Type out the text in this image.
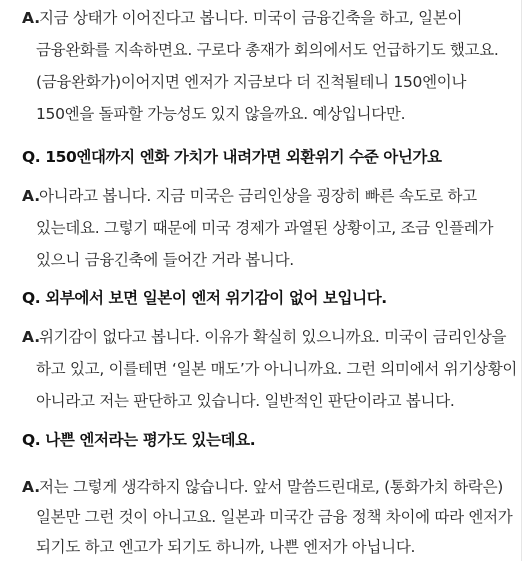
A.
지금 상태가 이어진다고 봅니다. 미국이 금융긴축을 하고, 일본이
금융완화를 지속하면요. 구로다 총재가 회의에서도 언급하기도 했고요.
(금융완화가)이어지면 엔저가 지금보다 더 진척될테니 150엔이나
150엔을 돌파할 가능성도 있지 않을까요. 예상입니다만.
Q. 150엔대까지 엔화 가치가 내려가면 외환위기 수준 아닌가요
A.
아니라고 봅니다. 지금 미국은 금리인상을 굉장히 빠른 속도로 하고
있는데요. 그렇기 때문에 미국 경제가 과열된 상황이고, 조금 인플레가
있으니 금융긴축에 들어간 거라 봅니다.
Q. 외부에서 보면 일본이 엔저 위기감이 없어 보입니다.
A.
위기감이 없다고 봅니다. 이유가 확실히 있으니까요. 미국이 금리인상을
하고 있고, 이를테면 ‘일본 매도’가 아니니까요. 그런 의미에서 위기상황이
아니라고 저는 판단하고 있습니다. 일반적인 판단이라고 봅니다.
Q. 나쁜 엔저라는 평가도 있는데요.
A.
저는 그렇게 생각하지 않습니다. 앞서 말씀드린대로, (통화가치 하락은)
일본만 그런 것이 아니고요. 일본과 미국간 금융 정책 차이에 따라 엔저가
되기도 하고 엔고가 되기도 하니까, 나쁜 엔저가 아닙니다.
